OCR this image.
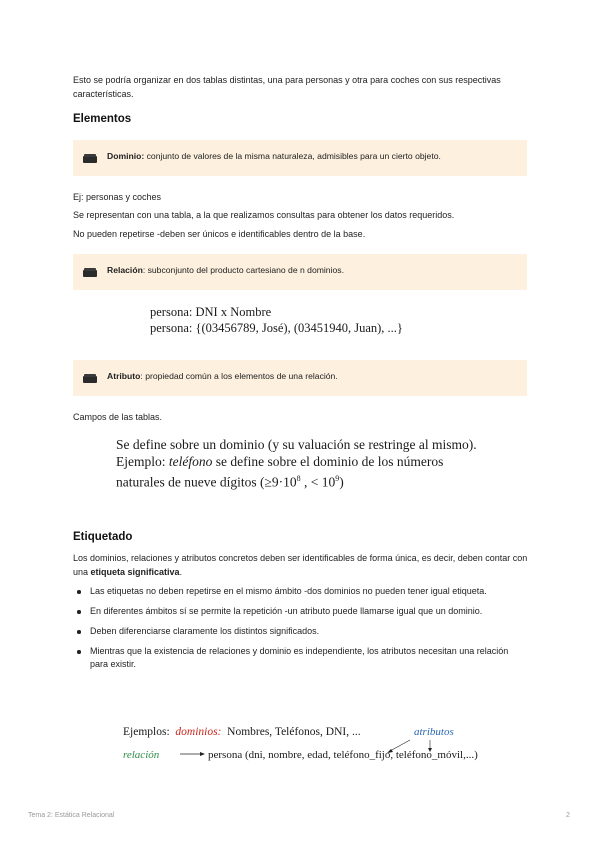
Esto se podría organizar en dos tablas distintas, una para personas y otra para coches con sus respectivas características.
Elementos
Dominio: conjunto de valores de la misma naturaleza, admisibles para un cierto objeto.
Ej: personas y coches
Se representan con una tabla, a la que realizamos consultas para obtener los datos requeridos.
No pueden repetirse -deben ser únicos e identificables dentro de la base.
Relación: subconjunto del producto cartesiano de n dominios.
persona: DNI x Nombre
persona: {(03456789, José), (03451940, Juan), ...}
Atributo: propiedad común a los elementos de una relación.
Campos de las tablas.
Se define sobre un dominio (y su valuación se restringe al mismo).
Ejemplo: teléfono se define sobre el dominio de los números
naturales de nueve dígitos ($\ge 9\cdot 10^8$ , < $10^9$)
Etiquetado
Los dominios, relaciones y atributos concretos deben ser identificables de forma única, es decir, deben contar con una etiqueta significativa.
Las etiquetas no deben repetirse en el mismo ámbito -dos dominios no pueden tener igual etiqueta.
En diferentes ámbitos sí se permite la repetición -un atributo puede llamarse igual que un dominio.
Deben diferenciarse claramente los distintos significados.
Mientras que la existencia de relaciones y dominio es independiente, los atributos necesitan una relación para existir.
Ejemplos: dominios: Nombres, Teléfonos, DNI, ...	atributos
relación	persona (dni, nombre, edad, teléfono_fijo, teléfono_móvil,...)
Tema 2: Estática Relacional	2
